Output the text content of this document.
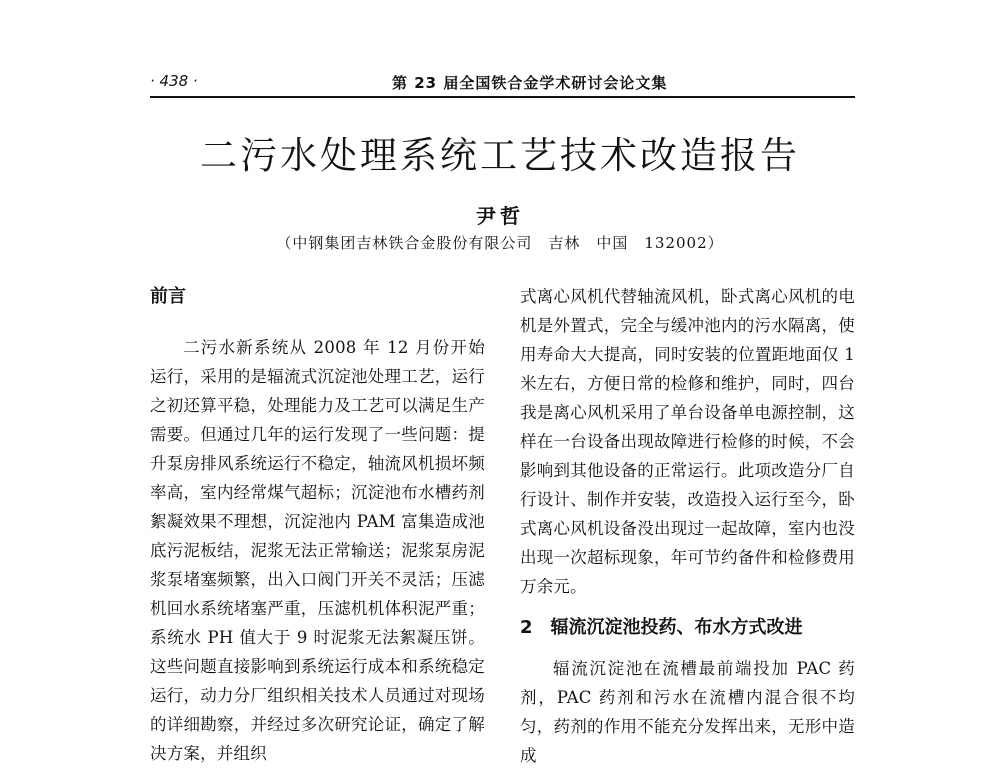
· 438 ·	第 23 届全国铁合金学术研讨会论文集
二污水处理系统工艺技术改造报告
尹哲
（中钢集团吉林铁合金股份有限公司　吉林　中国　132002）
前言

二污水新系统从 2008 年 12 月份开始运行，采用的是辐流式沉淀池处理工艺，运行之初还算平稳，处理能力及工艺可以满足生产需要。但通过几年的运行发现了一些问题：提升泵房排风系统运行不稳定，轴流风机损坏频率高，室内经常煤气超标；沉淀池布水槽药剂絮凝效果不理想，沉淀池内 PAM 富集造成池底污泥板结，泥浆无法正常输送；泥浆泵房泥浆泵堵塞频繁，出入口阀门开关不灵活；压滤机回水系统堵塞严重，压滤机机体积泥严重；系统水 PH 值大于 9 时泥浆无法絮凝压饼。这些问题直接影响到系统运行成本和系统稳定运行，动力分厂组织相关技术人员通过对现场的详细勘察，并经过多次研究论证，确定了解决方案，并组织

式离心风机代替轴流风机，卧式离心风机的电机是外置式，完全与缓冲池内的污水隔离，使用寿命大大提高，同时安装的位置距地面仅 1 米左右，方便日常的检修和维护，同时，四台我是离心风机采用了单台设备单电源控制，这样在一台设备出现故障进行检修的时候，不会影响到其他设备的正常运行。此项改造分厂自行设计、制作并安装，改造投入运行至今，卧式离心风机设备没出现过一起故障，室内也没出现一次超标现象，年可节约备件和检修费用万余元。

2　辐流沉淀池投药、布水方式改进

辐流沉淀池在流槽最前端投加 PAC 药剂，PAC 药剂和污水在流槽内混合很不均匀，药剂的作用不能充分发挥出来，无形中造成
